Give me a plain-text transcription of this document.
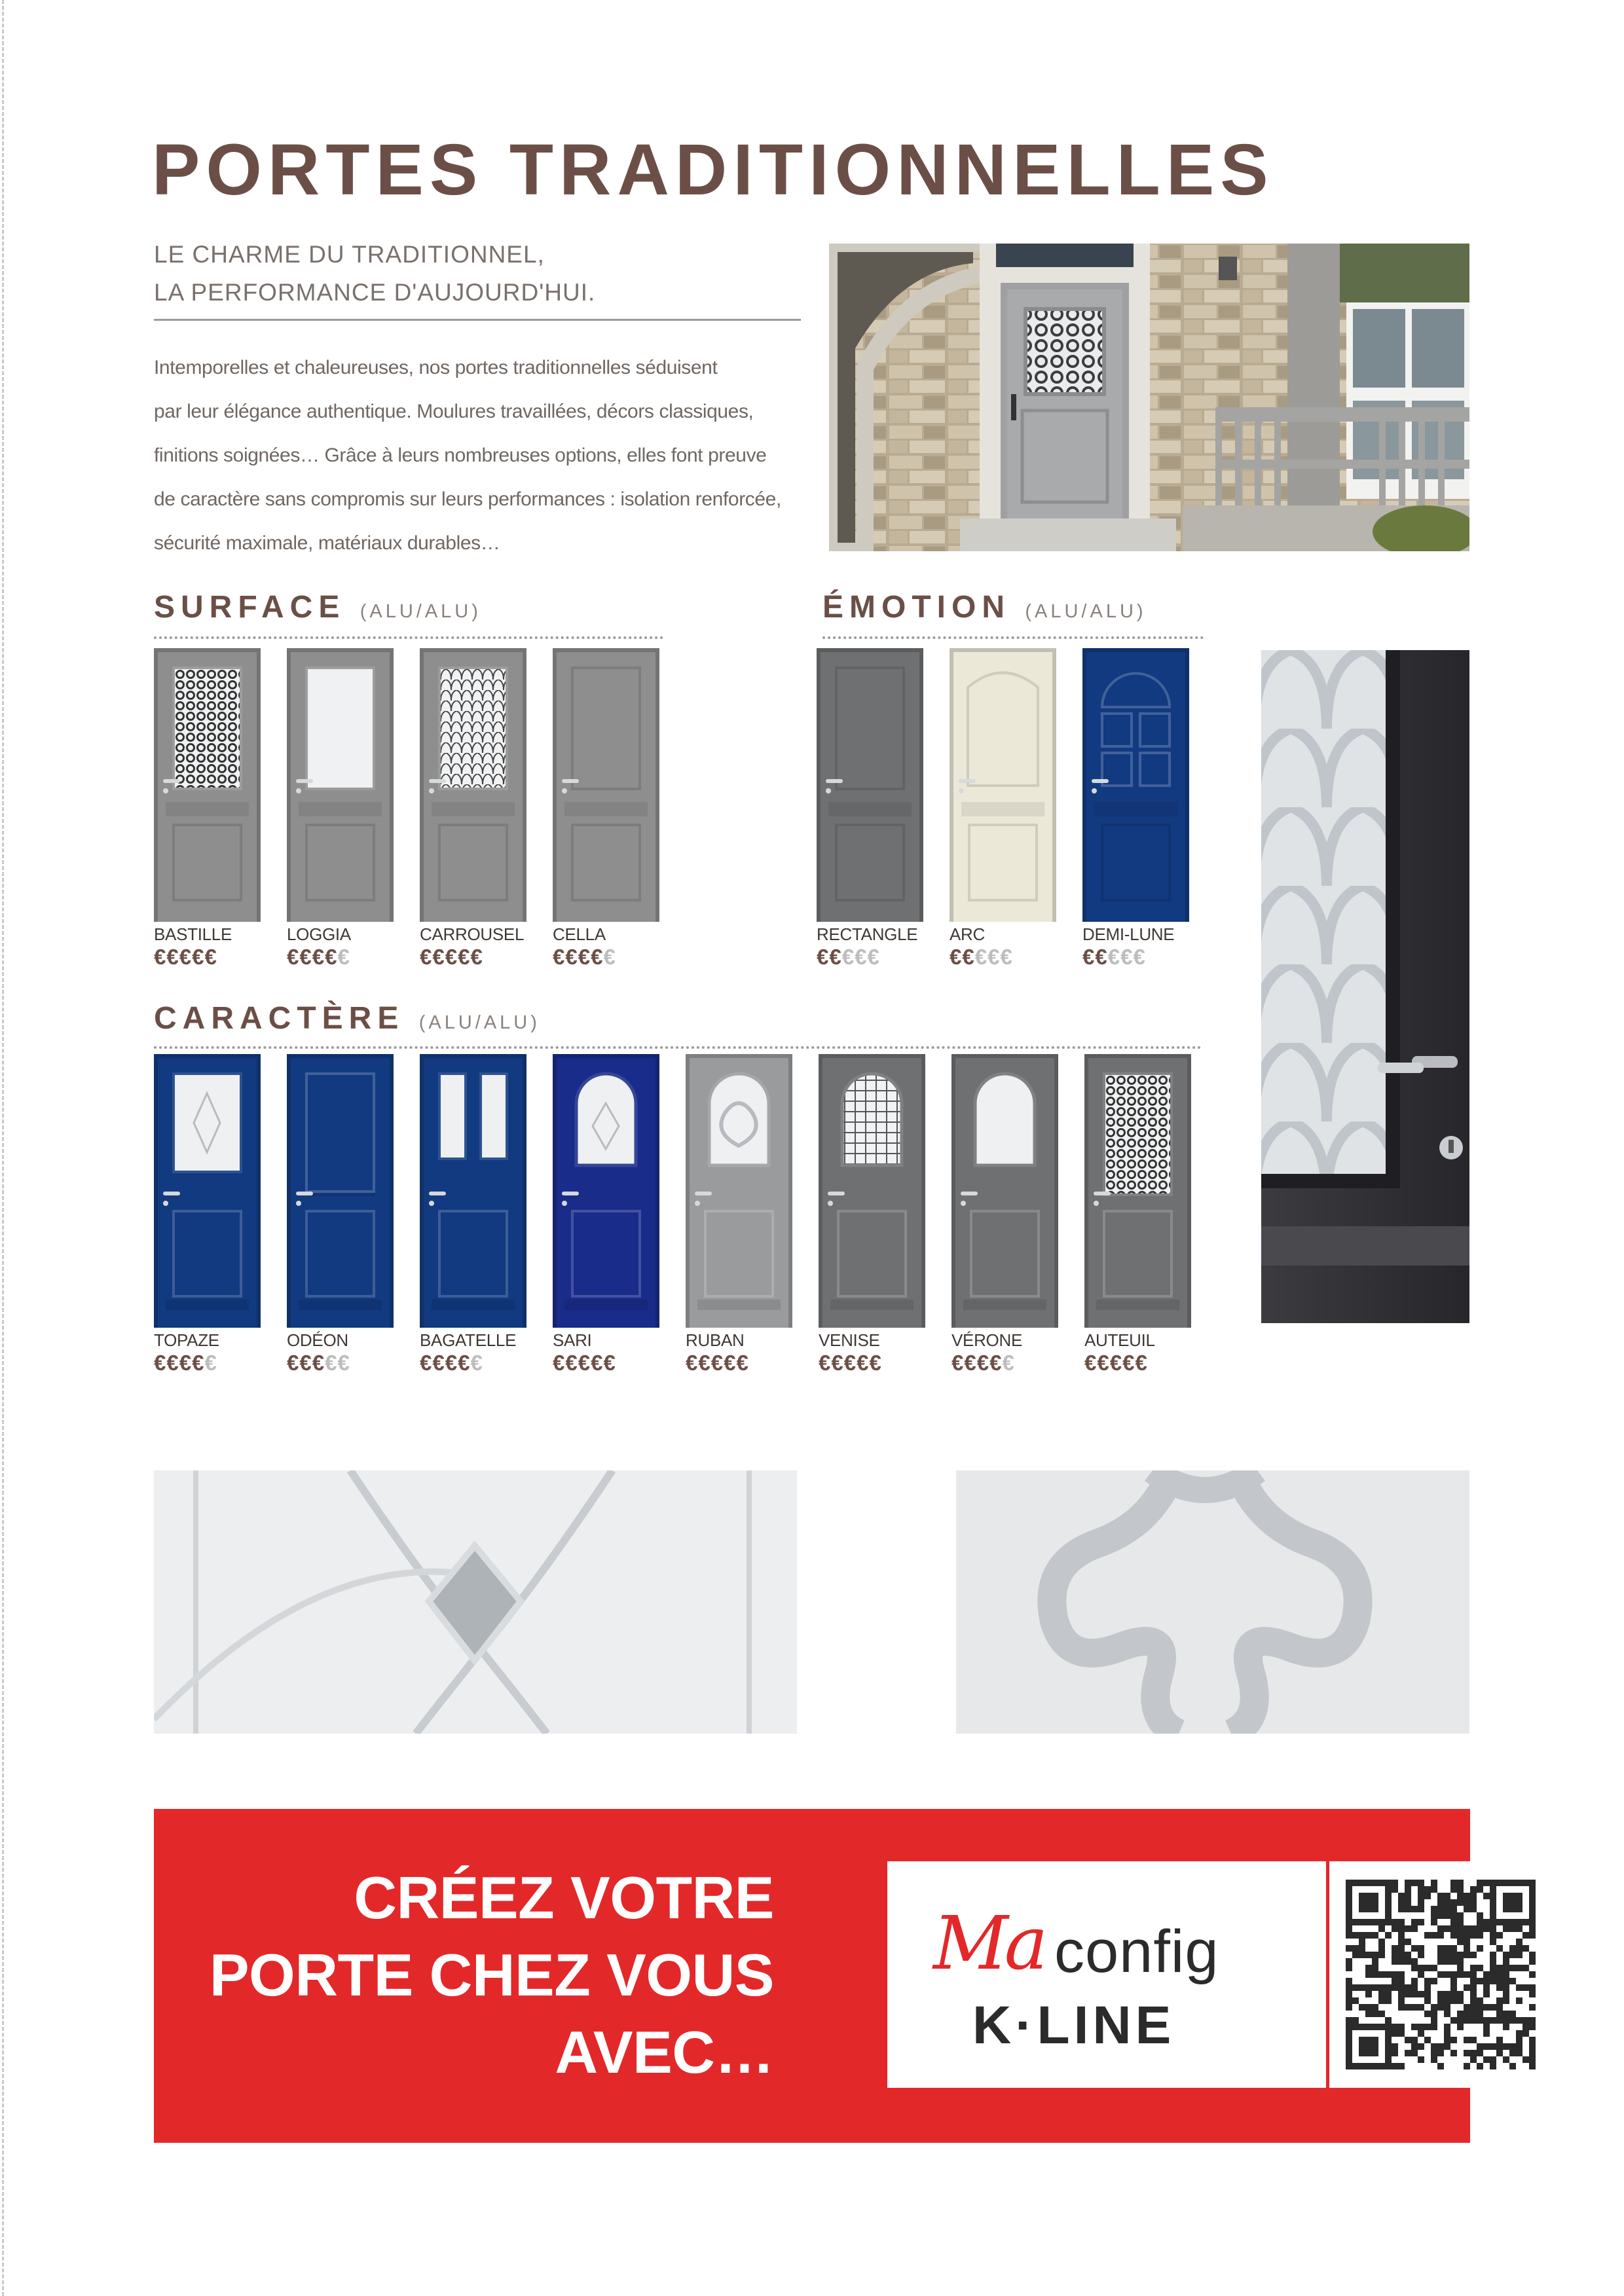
PORTES TRADITIONNELLES
LE CHARME DU TRADITIONNEL,
LA PERFORMANCE D'AUJOURD'HUI.
Intemporelles et chaleureuses, nos portes traditionnelles séduisent
par leur élégance authentique. Moulures travaillées, décors classiques,
finitions soignées… Grâce à leurs nombreuses options, elles font preuve
de caractère sans compromis sur leurs performances : isolation renforcée,
sécurité maximale, matériaux durables…
SURFACE (ALU/ALU)	ÉMOTION (ALU/ALU)
CARACTÈRE (ALU/ALU)
BASTILLE
€€€€€
LOGGIA
€€€€€
CARROUSEL
€€€€€
CELLA
€€€€€
RECTANGLE
€€€€€
ARC
€€€€€
DEMI-LUNE
€€€€€
TOPAZE
€€€€€
ODÉON
€€€€€
BAGATELLE
€€€€€
SARI
€€€€€
RUBAN
€€€€€
VENISE
€€€€€
VÉRONE
€€€€€
AUTEUIL
€€€€€
CRÉEZ VOTRE
PORTE CHEZ VOUS
AVEC…
Ma config
K·LINE
